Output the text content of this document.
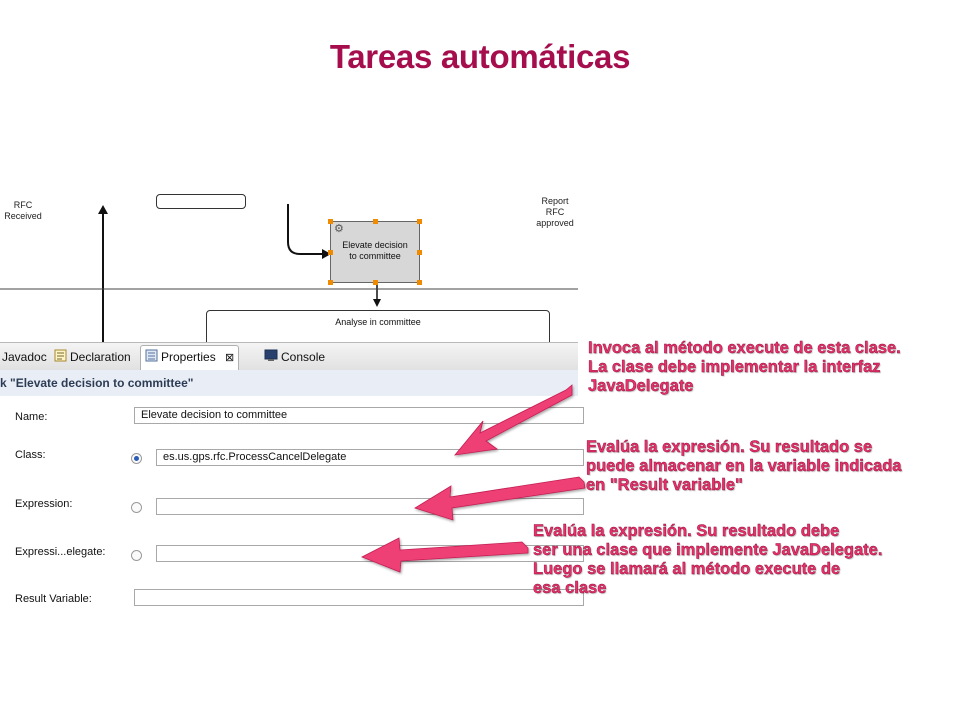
Tareas automáticas
RFC
Received
Report
RFC
approved
⚙
Elevate decision
to committee
Analyse in committee
Javadoc	Declaration	Properties ⊠	Console
k "Elevate decision to committee"
Name:	Elevate decision to committee
Class:	es.us.gps.rfc.ProcessCancelDelegate
Expression:
Expressi...elegate:
Result Variable:
Invoca al método execute de esta clase.
La clase debe implementar la interfaz
JavaDelegate
Evalúa la expresión. Su resultado se
puede almacenar en la variable indicada
en "Result variable"
Evalúa la expresión. Su resultado debe
ser una clase que implemente JavaDelegate.
Luego se llamará al método execute de
esa clase
